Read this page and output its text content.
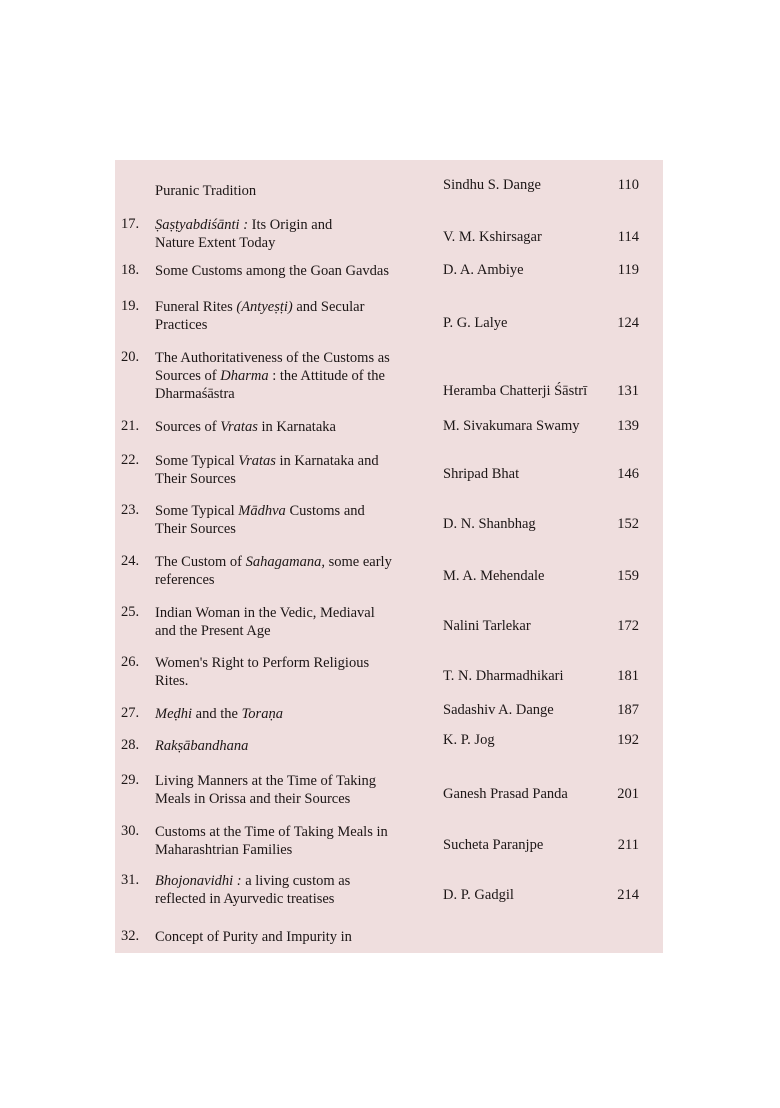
Puranic Tradition	Sindhu S. Dange	110
17. Ṣaṣṭyabdiśānti : Its Origin and
Nature Extent Today	V. M. Kshirsagar	114
18. Some Customs among the Goan Gavdas	D. A. Ambiye	119
19. Funeral Rites (Antyeṣṭi) and Secular
Practices	P. G. Lalye	124
20. The Authoritativeness of the Customs as
Sources of Dharma : the Attitude of the
Dharmaśāstra	Heramba Chatterji Śāstrī 131
21. Sources of Vratas in Karnataka	M. Sivakumara Swamy	139
22. Some Typical Vratas in Karnataka and
Their Sources	Shripad Bhat	146
23. Some Typical Mādhva Customs and
Their Sources	D. N. Shanbhag	152
24. The Custom of Sahagamana, some early
references	M. A. Mehendale	159
25. Indian Woman in the Vedic, Mediaval
and the Present Age	Nalini Tarlekar	172
26. Women's Right to Perform Religious
Rites.	T. N. Dharmadhikari	181
27. Meḍhi and the Toraṇa	Sadashiv A. Dange	187
28. Rakṣābandhana	K. P. Jog	192
29. Living Manners at the Time of Taking
Meals in Orissa and their Sources	Ganesh Prasad Panda	201
30. Customs at the Time of Taking Meals in
Maharashtrian Families	Sucheta Paranjpe	211
31. Bhojonavidhi : a living custom as
reflected in Ayurvedic treatises	D. P. Gadgil	214
32. Concept of Purity and Impurity in
